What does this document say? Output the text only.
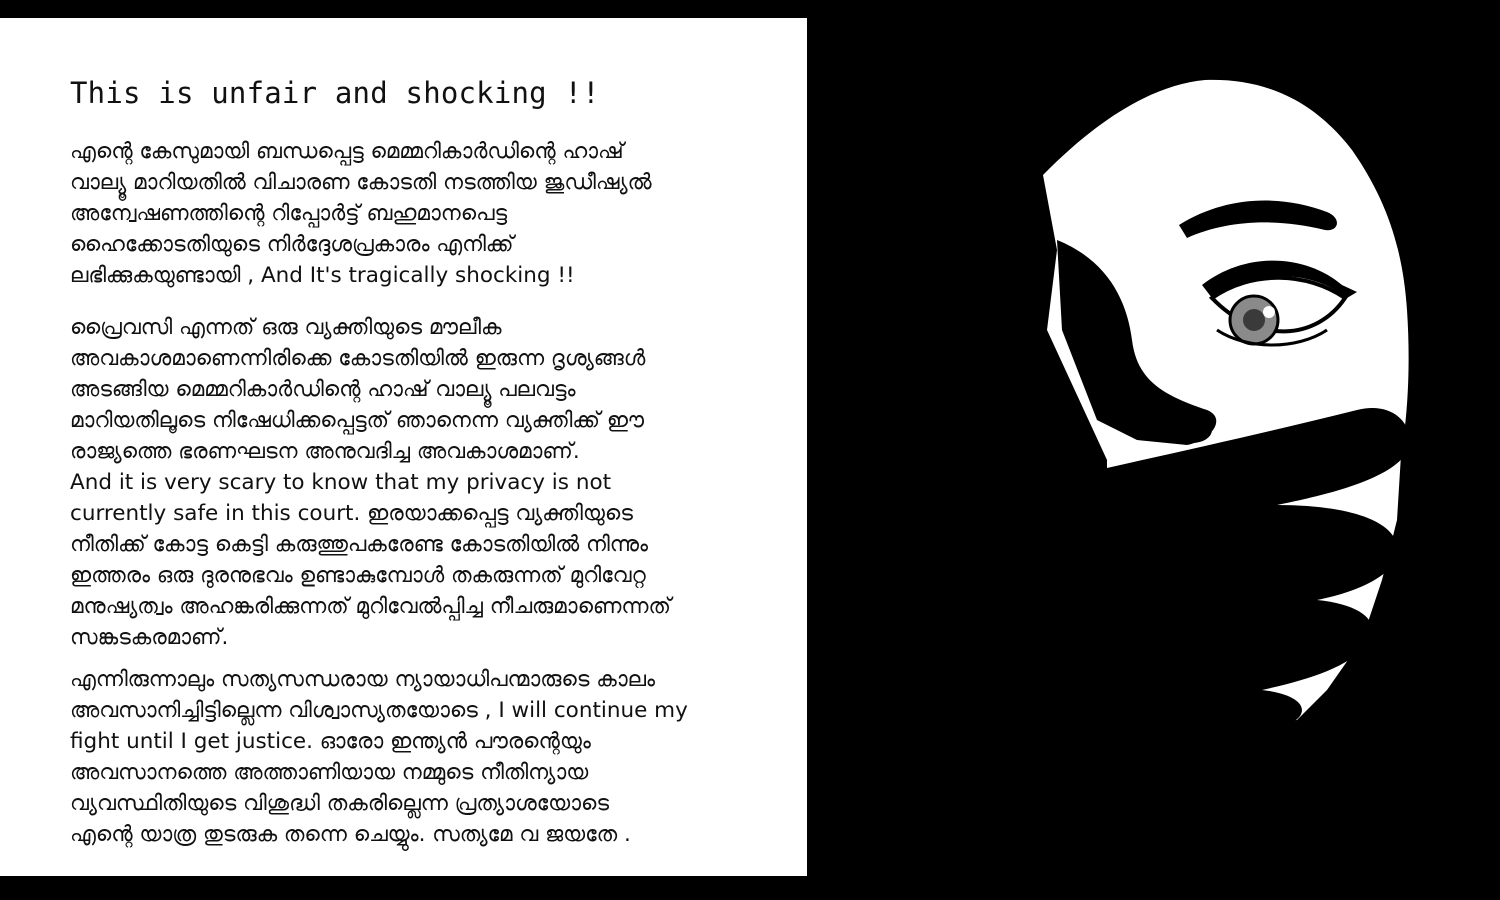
This is unfair and shocking !!

എന്റെ കേസുമായി ബന്ധപ്പെട്ട മെമ്മറികാർഡിന്റെ ഹാഷ്
വാല്യൂ മാറിയതിൽ വിചാരണ കോടതി നടത്തിയ ജുഡീഷ്യൽ
അന്വേഷണത്തിന്റെ റിപ്പോർട്ട് ബഹുമാനപെട്ട
ഹൈക്കോടതിയുടെ നിർദ്ദേശപ്രകാരം എനിക്ക്
ലഭിക്കുകയുണ്ടായി , And It's tragically shocking !!

പ്രൈവസി എന്നത് ഒരു വ്യക്തിയുടെ മൗലീക
അവകാശമാണെന്നിരിക്കെ കോടതിയിൽ ഇരുന്ന ദൃശ്യങ്ങൾ
അടങ്ങിയ മെമ്മറികാർഡിന്റെ ഹാഷ് വാല്യൂ പലവട്ടം
മാറിയതിലൂടെ നിഷേധിക്കപ്പെട്ടത് ഞാനെന്ന വ്യക്തിക്ക് ഈ
രാജ്യത്തെ ഭരണഘടന അനുവദിച്ച അവകാശമാണ്.
And it is very scary to know that my privacy is not
currently safe in this court. ഇരയാക്കപ്പെട്ട വ്യക്തിയുടെ
നീതിക്ക് കോട്ട കെട്ടി കരുത്തുപകരേണ്ട കോടതിയിൽ നിന്നും
ഇത്തരം ഒരു ദുരനുഭവം ഉണ്ടാകുമ്പോൾ തകരുന്നത് മുറിവേറ്റ
മനുഷ്യത്വം അഹങ്കരിക്കുന്നത് മുറിവേൽപ്പിച്ച നീചരുമാണെന്നത്
സങ്കടകരമാണ്.

എന്നിരുന്നാലും സത്യസന്ധരായ ന്യായാധിപന്മാരുടെ കാലം
അവസാനിച്ചിട്ടില്ലെന്ന വിശ്വാസ്യതയോടെ , I will continue my
fight until I get justice. ഓരോ ഇന്ത്യൻ പൗരന്റെയും
അവസാനത്തെ അത്താണിയായ നമ്മുടെ നീതിന്യായ
വ്യവസ്ഥിതിയുടെ വിശുദ്ധി തകരില്ലെന്ന പ്രത്യാശയോടെ
എന്റെ യാത്ര തുടരുക തന്നെ ചെയ്യും. സത്യമേ വ ജയതേ .
